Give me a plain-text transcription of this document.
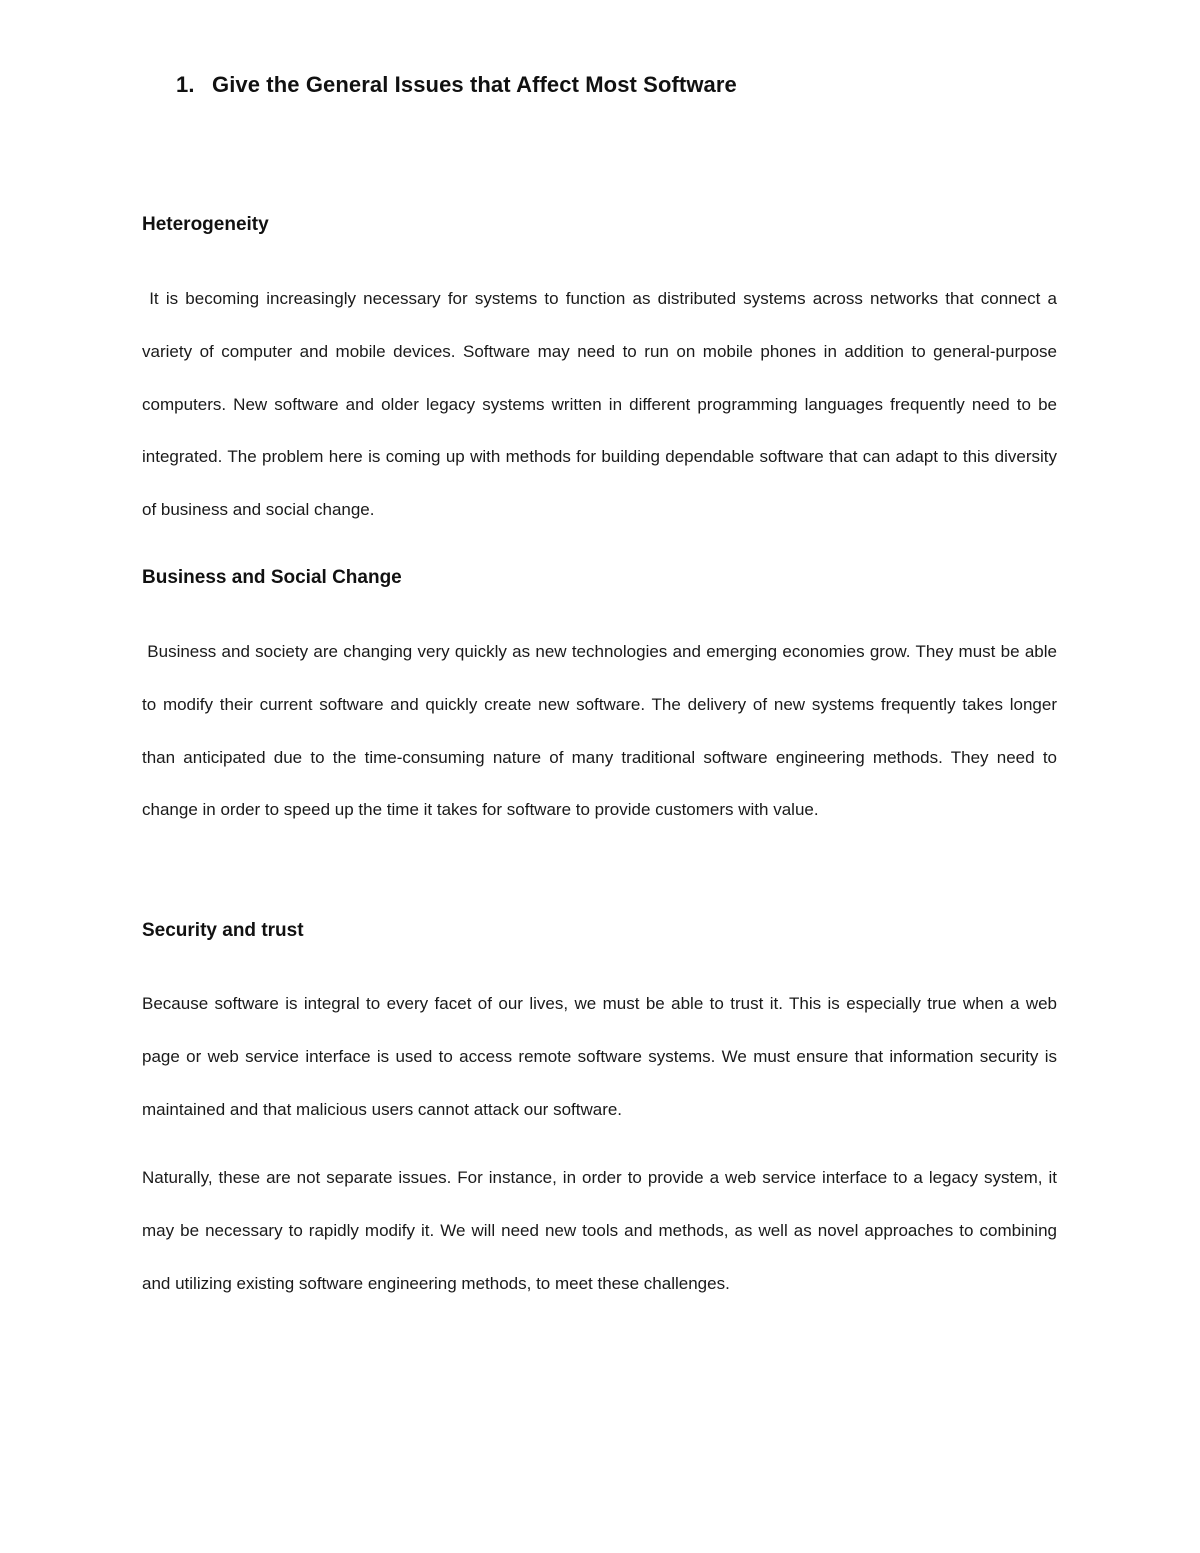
1. Give the General Issues that Affect Most Software
Heterogeneity

It is becoming increasingly necessary for systems to function as distributed systems across networks that connect a variety of computer and mobile devices. Software may need to run on mobile phones in addition to general-purpose computers. New software and older legacy systems written in different programming languages frequently need to be integrated. The problem here is coming up with methods for building dependable software that can adapt to this diversity of business and social change.

Business and Social Change

Business and society are changing very quickly as new technologies and emerging economies grow. They must be able to modify their current software and quickly create new software. The delivery of new systems frequently takes longer than anticipated due to the time-consuming nature of many traditional software engineering methods. They need to change in order to speed up the time it takes for software to provide customers with value.

Security and trust

Because software is integral to every facet of our lives, we must be able to trust it. This is especially true when a web page or web service interface is used to access remote software systems. We must ensure that information security is maintained and that malicious users cannot attack our software.

Naturally, these are not separate issues. For instance, in order to provide a web service interface to a legacy system, it may be necessary to rapidly modify it. We will need new tools and methods, as well as novel approaches to combining and utilizing existing software engineering methods, to meet these challenges.
